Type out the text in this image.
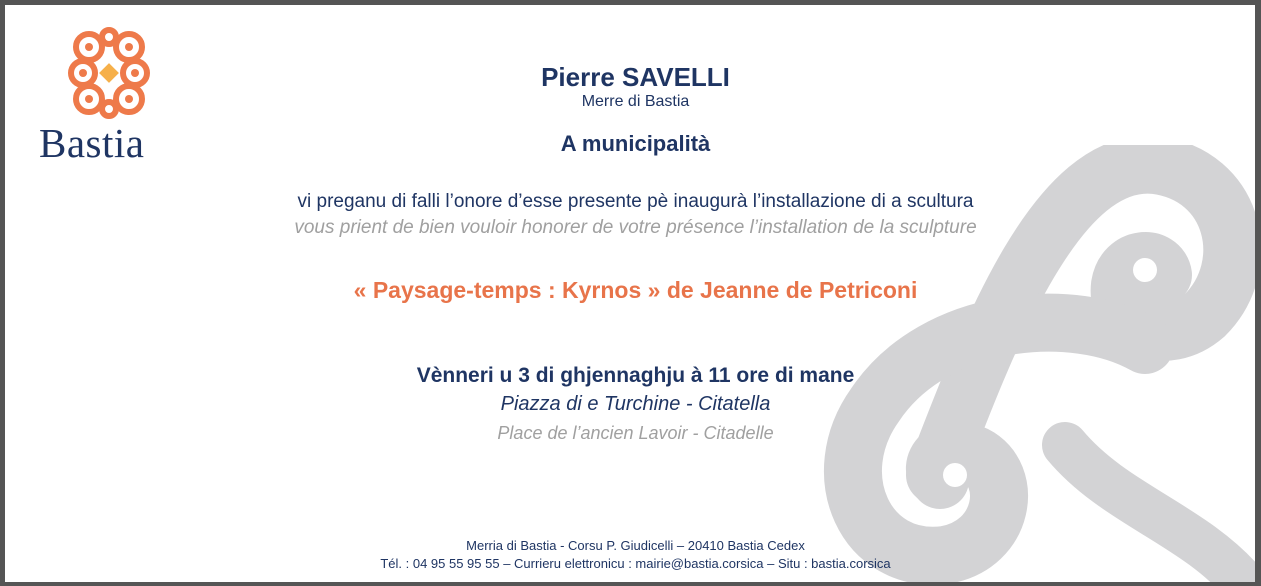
Bastia
Pierre SAVELLI
Merre di Bastia
A municipalità
vi preganu di falli l’onore d’esse presente pè inaugurà l’installazione di a scultura
vous prient de bien vouloir honorer de votre présence l’installation de la sculpture
« Paysage-temps : Kyrnos » de Jeanne de Petriconi
Vènneri u 3 di ghjennaghju à 11 ore di mane
Piazza di e Turchine - Citatella
Place de l’ancien Lavoir - Citadelle
Merria di Bastia - Corsu P. Giudicelli – 20410 Bastia Cedex
Tél. : 04 95 55 95 55 – Currieru elettronicu : mairie@bastia.corsica – Situ : bastia.corsica
